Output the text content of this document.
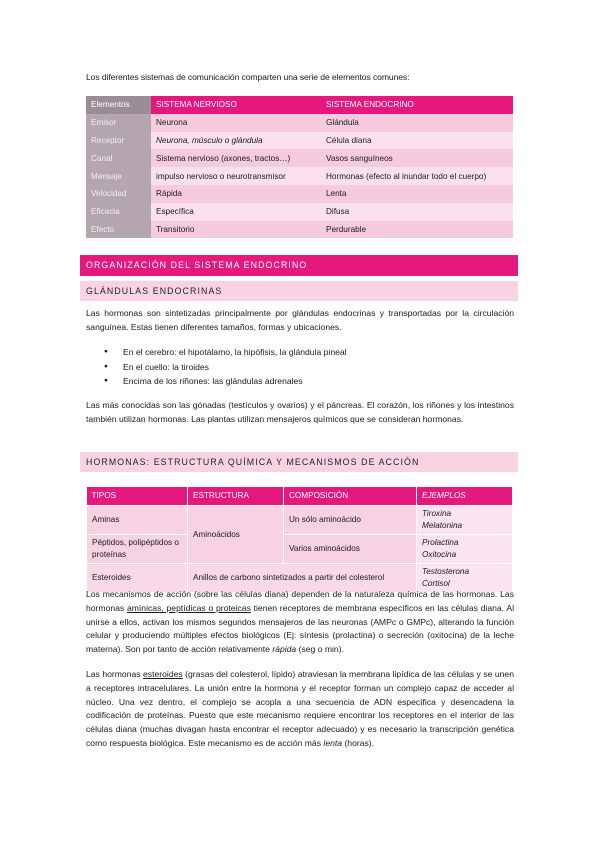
Los diferentes sistemas de comunicación comparten una serie de elementos comunes:

Elementos	SISTEMA NERVIOSO	SISTEMA ENDOCRINO
Emisor	Neurona	Glándula
Receptor	Neurona, músculo o glándula	Célula diana
Canal	Sistema nervioso (axones, tractos…)	Vasos sanguíneos
Mensaje	impulso nervioso o neurotransmisor	Hormonas (efecto al inundar todo el cuerpo)
Velocidad	Rápida	Lenta
Eficacia	Específica	Difusa
Efecto	Transitorio	Perdurable
ORGANIZACIÓN DEL SISTEMA ENDOCRINO
GLÁNDULAS ENDOCRINAS

Las hormonas son sintetizadas principalmente por glándulas endocrinas y transportadas por la circulación sanguínea. Estas tienen diferentes tamaños, formas y ubicaciones.

● En el cerebro: el hipotálamo, la hipófisis, la glándula pineal
● En el cuello: la tiroides
● Encima de los riñones: las glándulas adrenales

Las más conocidas son las gónadas (testículos y ovarios) y el páncreas. El corazón, los riñones y los intestinos también utilizan hormonas. Las plantas utilizan mensajeros químicos que se consideran hormonas.

HORMONAS: ESTRUCTURA QUÍMICA Y MECANISMOS DE ACCIÓN
TIPOS	ESTRUCTURA	COMPOSICIÓN	EJEMPLOS
Aminas	Aminoácidos	Un sólo aminoácido	Tiroxina
Melatonina

Péptidos, polipéptidos o proteínas		Varios aminoácidos	Prolactina
Oxitocina

Esteroides	Anillos de carbono sintetizados a partir del colesterol		Testosterona
Cortisol

Los mecanismos de acción (sobre las células diana) dependen de la naturaleza química de las hormonas. Las hormonas amínicas, peptídicas o proteicas tienen receptores de membrana específicos en las células diana. Al unirse a ellos, activan los mismos segundos mensajeros de las neuronas (AMPc o GMPc), alterando la función celular y produciendo múltiples efectos biológicos (Ej: síntesis (prolactina) o secreción (oxitocina) de la leche materna). Son por tanto de acción relativamente rápida (seg o min).

Las hormonas esteroides (grasas del colesterol, lípido) atraviesan la membrana lipídica de las células y se unen a receptores intracelulares. La unión entre la hormona y el receptor forman un complejo capaz de acceder al núcleo. Una vez dentro, el complejo se acopla a una secuencia de ADN específica y desencadena la codificación de proteínas. Puesto que este mecanismo requiere encontrar los receptores en el interior de las células diana (muchas divagan hasta encontrar el receptor adecuado) y es necesario la transcripción genética como respuesta biológica. Este mecanismo es de acción más lenta (horas).
